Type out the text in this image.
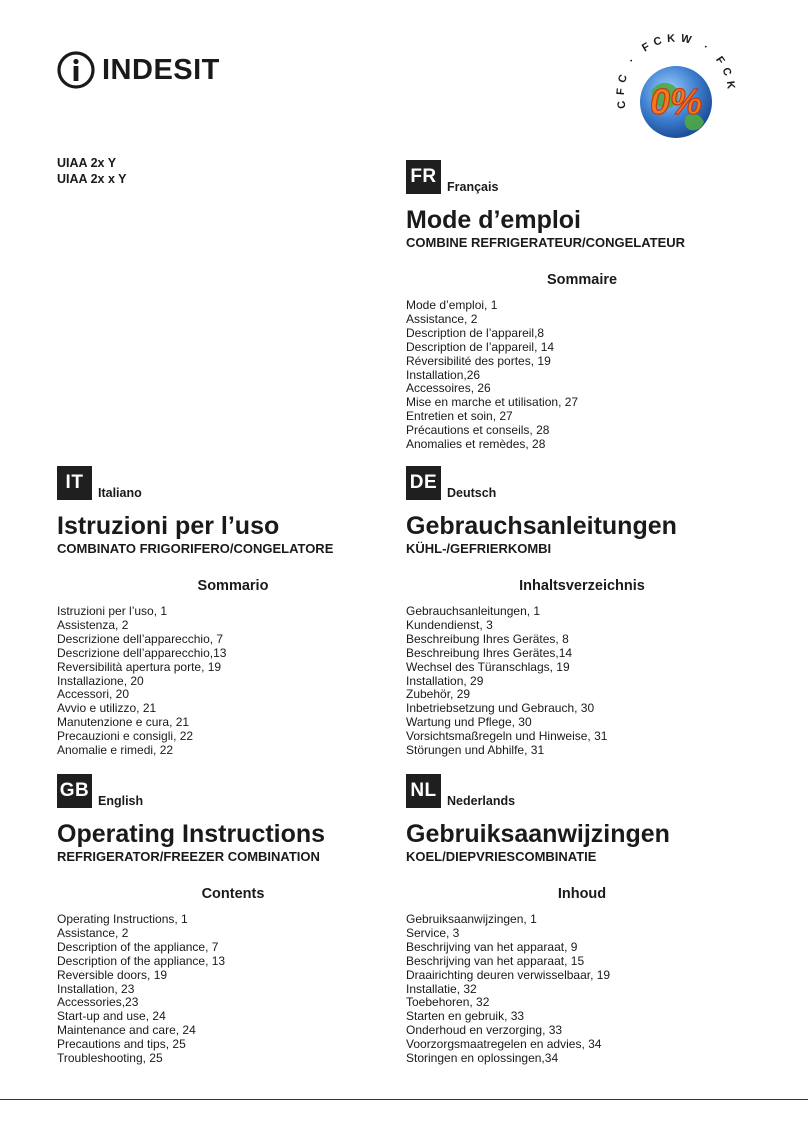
INDESIT
CFC · FCKW · FCK
0%
UIAA 2x Y
UIAA 2x x Y	FR Français
Mode d’emploi
COMBINE REFRIGERATEUR/CONGELATEUR
Sommaire
Mode d’emploi, 1
Assistance, 2
Description de l’appareil,8
Description de l’appareil, 14
Réversibilité des portes, 19
Installation,26
Accessoires, 26
Mise en marche et utilisation, 27
Entretien et soin, 27
Précautions et conseils, 28
Anomalies et remèdes, 28
IT	Italiano
Istruzioni per l’uso
COMBINATO FRIGORIFERO/CONGELATORE
Sommario
Istruzioni per l’uso, 1
Assistenza, 2
Descrizione dell’apparecchio, 7
Descrizione dell’apparecchio,13
Reversibilità apertura porte, 19
Installazione, 20
Accessori, 20
Avvio e utilizzo, 21
Manutenzione e cura, 21
Precauzioni e consigli, 22
Anomalie e rimedi, 22
DE Deutsch
Gebrauchsanleitungen
KÜHL-/GEFRIERKOMBI
Inhaltsverzeichnis
Gebrauchsanleitungen, 1
Kundendienst, 3
Beschreibung Ihres Gerätes, 8
Beschreibung Ihres Gerätes,14
Wechsel des Türanschlags, 19
Installation, 29
Zubehör, 29
Inbetriebsetzung und Gebrauch, 30
Wartung und Pflege, 30
Vorsichtsmaßregeln und Hinweise, 31
Störungen und Abhilfe, 31
GB English
Operating Instructions
REFRIGERATOR/FREEZER COMBINATION
Contents
Operating Instructions, 1
Assistance, 2
Description of the appliance, 7
Description of the appliance, 13
Reversible doors, 19
Installation, 23
Accessories,23
Start-up and use, 24
Maintenance and care, 24
Precautions and tips, 25
Troubleshooting, 25
NL Nederlands
Gebruiksaanwijzingen
KOEL/DIEPVRIESCOMBINATIE
Inhoud
Gebruiksaanwijzingen, 1
Service, 3
Beschrijving van het apparaat, 9
Beschrijving van het apparaat, 15
Draairichting deuren verwisselbaar, 19
Installatie, 32
Toebehoren, 32
Starten en gebruik, 33
Onderhoud en verzorging, 33
Voorzorgsmaatregelen en advies, 34
Storingen en oplossingen,34
